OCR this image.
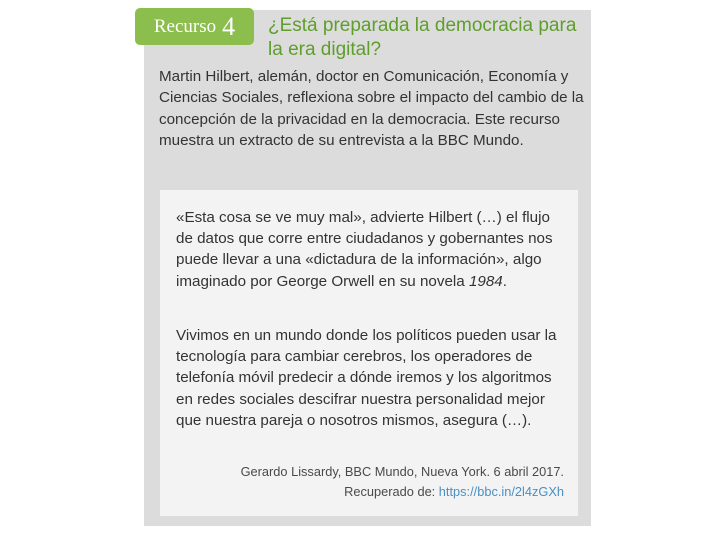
Recurso 4 ¿Está preparada la democracia para la era digital?
Martin Hilbert, alemán, doctor en Comunicación, Economía y Ciencias Sociales, reflexiona sobre el impacto del cambio de la concepción de la privacidad en la democracia. Este recurso muestra un extracto de su entrevista a la BBC Mundo.
«Esta cosa se ve muy mal», advierte Hilbert (…) el flujo de datos que corre entre ciudadanos y gobernantes nos puede llevar a una «dictadura de la información», algo imaginado por George Orwell en su novela 1984.
Vivimos en un mundo donde los políticos pueden usar la tecnología para cambiar cerebros, los operadores de telefonía móvil predecir a dónde iremos y los algoritmos en redes sociales descifrar nuestra personalidad mejor que nuestra pareja o nosotros mismos, asegura (…).
Gerardo Lissardy, BBC Mundo, Nueva York. 6 abril 2017.
Recuperado de: https://bbc.in/2l4zGXh
